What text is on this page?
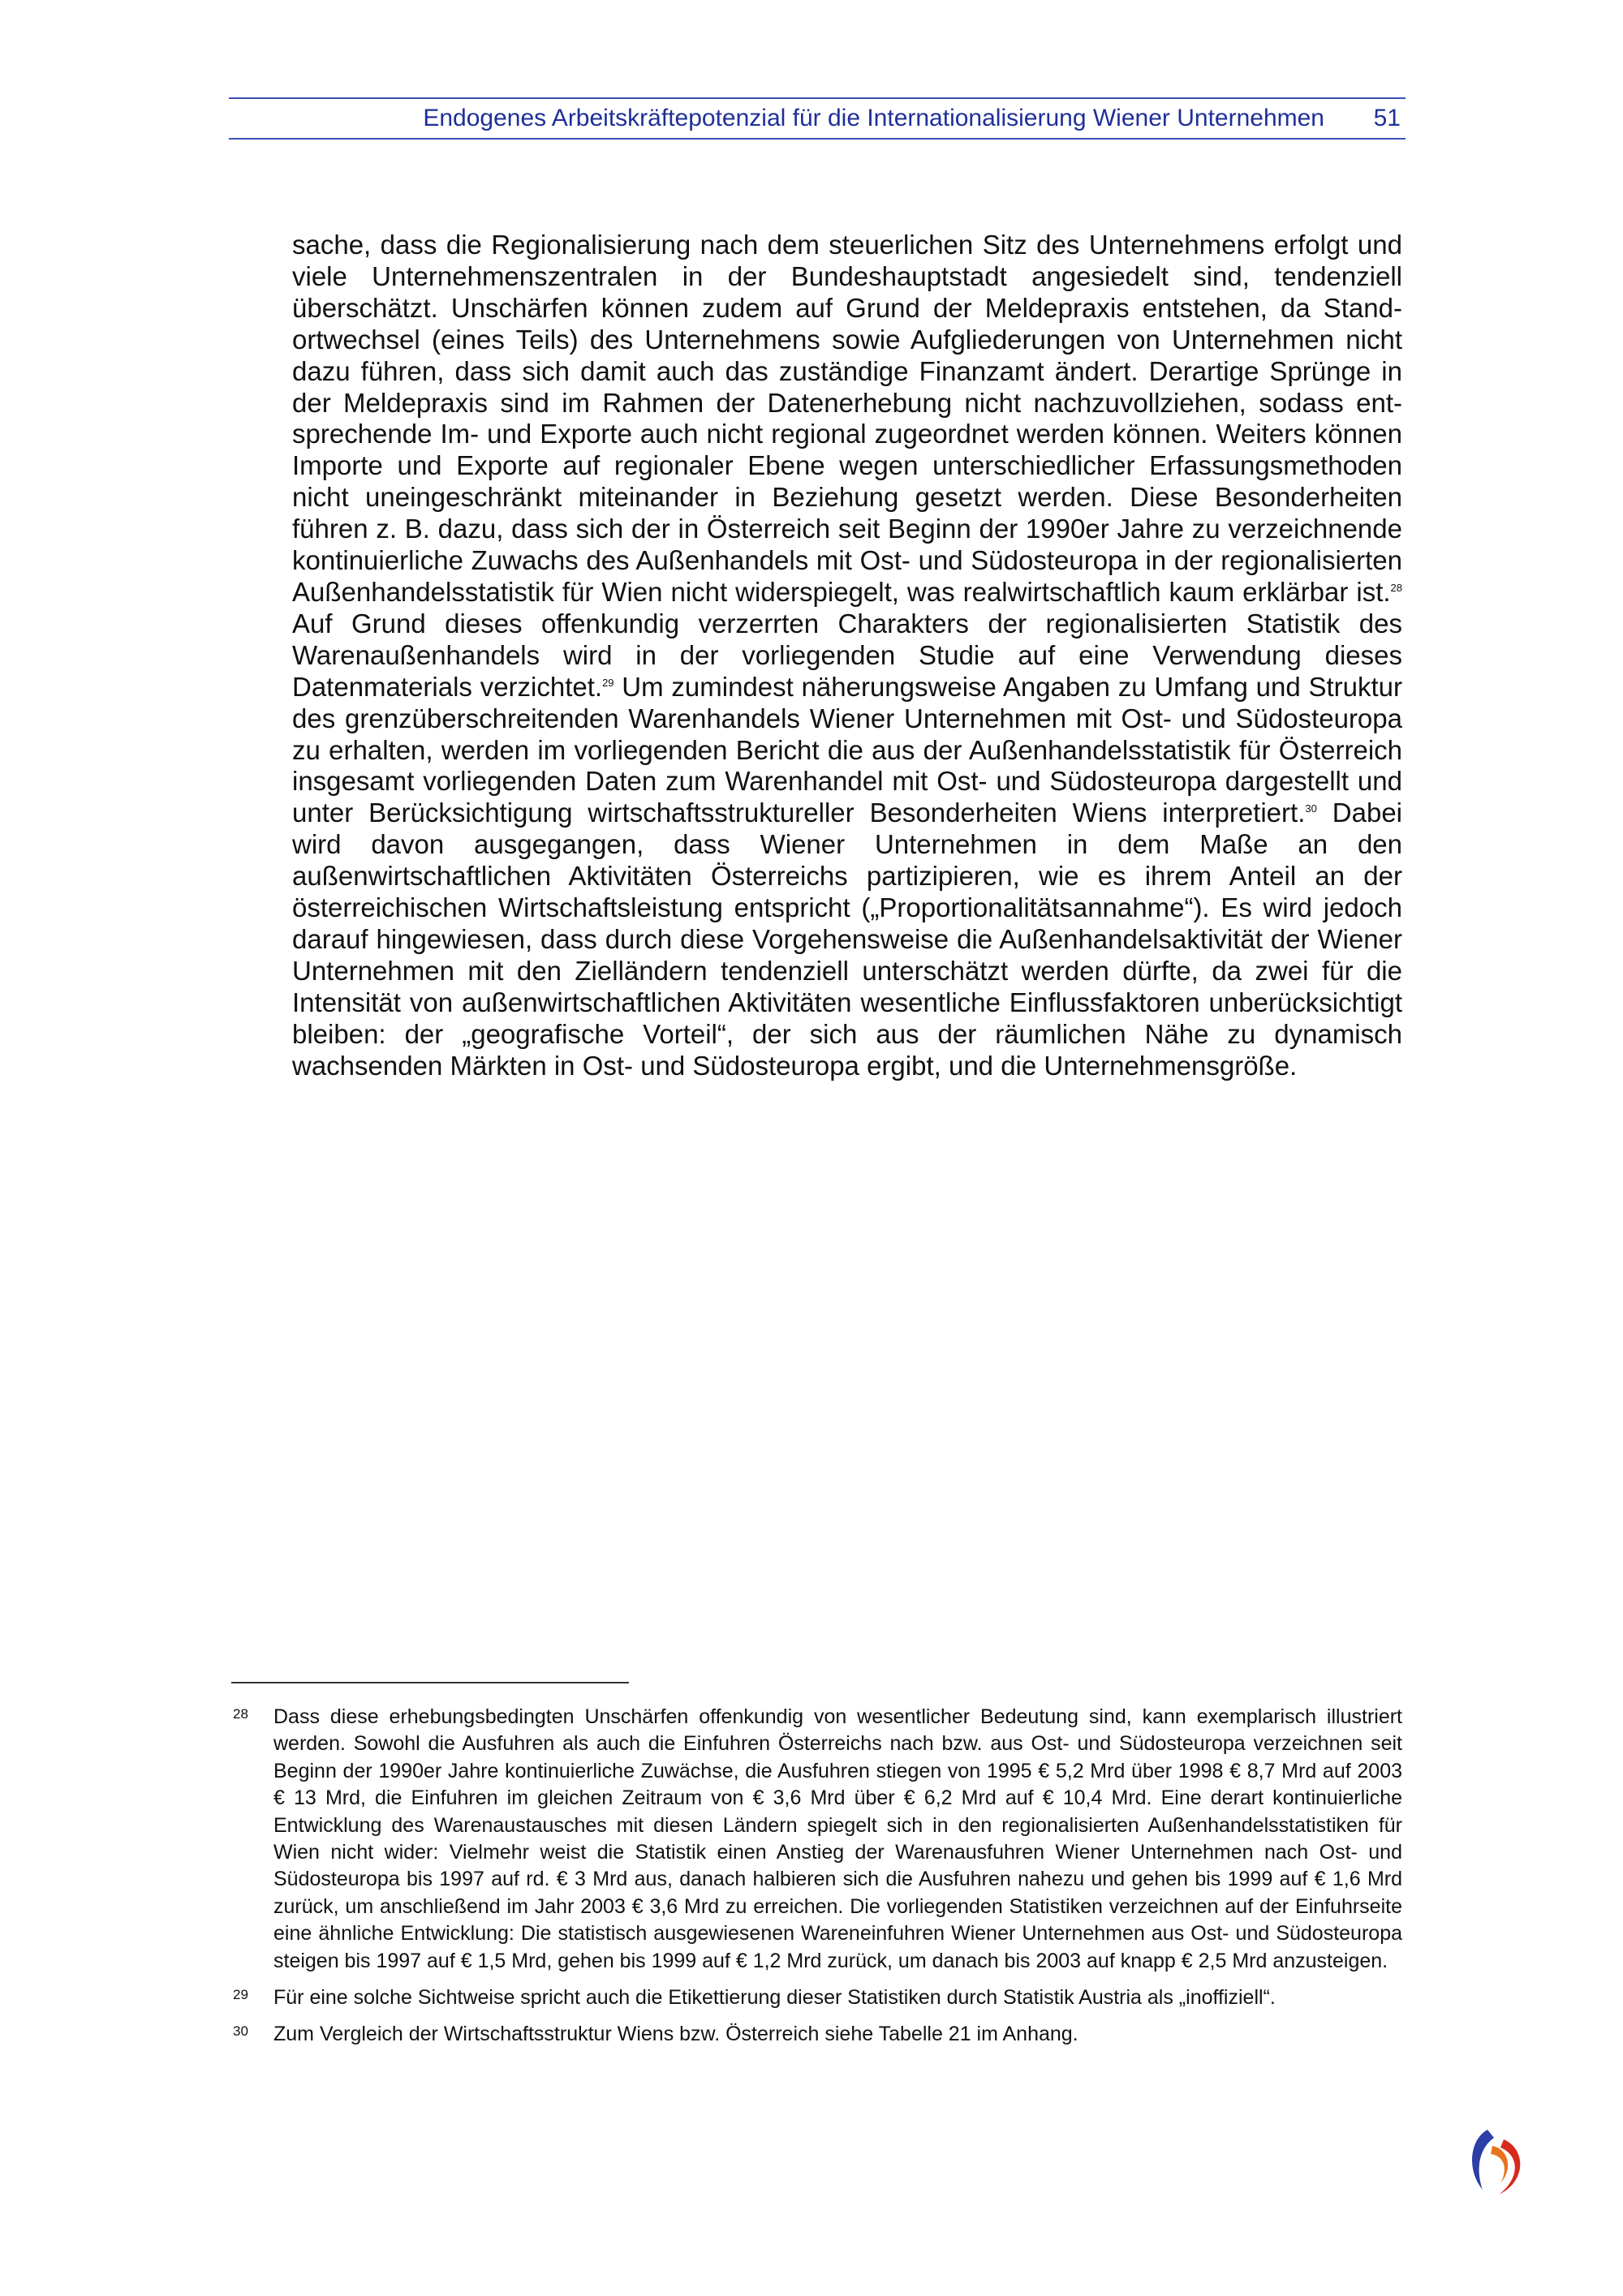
Endogenes Arbeitskräftepotenzial für die Internationalisierung Wiener Unternehmen 51

sache, dass die Regionalisierung nach dem steuerlichen Sitz des Unternehmens erfolgt und viele Unternehmenszentralen in der Bundeshauptstadt angesiedelt sind, tendenziell überschätzt. Unschärfen können zudem auf Grund der Meldepraxis entstehen, da Standortwechsel (eines Teils) des Unternehmens sowie Aufgliederungen von Unternehmen nicht dazu führen, dass sich damit auch das zuständige Finanzamt ändert. Derartige Sprünge in der Meldepraxis sind im Rahmen der Datenerhebung nicht nachzuvollziehen, sodass entsprechende Im- und Exporte auch nicht regional zugeordnet werden können. Weiters können Importe und Exporte auf regionaler Ebene wegen unterschiedlicher Erfassungsmethoden nicht uneingeschränkt miteinander in Beziehung gesetzt werden. Diese Besonderheiten führen z. B. dazu, dass sich der in Österreich seit Beginn der 1990er Jahre zu verzeichnende kontinuierliche Zuwachs des Außenhandels mit Ost- und Südosteuropa in der regionalisierten Außenhandelsstatistik für Wien nicht widerspiegelt, was realwirtschaftlich kaum erklärbar ist.$^{28}$ Auf Grund dieses offenkundig verzerrten Charakters der regionalisierten Statistik des Warenaußenhandels wird in der vorliegenden Studie auf eine Verwendung dieses Datenmaterials verzichtet.$^{29}$ Um zumindest näherungsweise Angaben zu Umfang und Struktur des grenzüberschreitenden Warenhandels Wiener Unternehmen mit Ost- und Südosteuropa zu erhalten, werden im vorliegenden Bericht die aus der Außenhandelsstatistik für Österreich insgesamt vorliegenden Daten zum Warenhandel mit Ost- und Südosteuropa dargestellt und unter Berücksichtigung wirtschaftsstruktureller Besonderheiten Wiens interpretiert.$^{30}$ Dabei wird davon ausgegangen, dass Wiener Unternehmen in dem Maße an den außenwirtschaftlichen Aktivitäten Österreichs partizipieren, wie es ihrem Anteil an der österreichischen Wirtschaftsleistung entspricht („Proportionalitätsannahme“). Es wird jedoch darauf hingewiesen, dass durch diese Vorgehensweise die Außenhandelsaktivität der Wiener Unternehmen mit den Zielländern tendenziell unterschätzt werden dürfte, da zwei für die Intensität von außenwirtschaftlichen Aktivitäten wesentliche Einflussfaktoren unberücksichtigt bleiben: der „geografische Vorteil“, der sich aus der räumlichen Nähe zu dynamisch wachsenden Märkten in Ost- und Südosteuropa ergibt, und die Unternehmensgröße.

28 Dass diese erhebungsbedingten Unschärfen offenkundig von wesentlicher Bedeutung sind, kann exemplarisch illustriert werden. Sowohl die Ausfuhren als auch die Einfuhren Österreichs nach bzw. aus Ost- und Südosteuropa verzeichnen seit Beginn der 1990er Jahre kontinuierliche Zuwächse, die Ausfuhren stiegen von 1995 € 5,2 Mrd über 1998 € 8,7 Mrd auf 2003 € 13 Mrd, die Einfuhren im gleichen Zeitraum von € 3,6 Mrd über € 6,2 Mrd auf € 10,4 Mrd. Eine derart kontinuierliche Entwicklung des Warenaustausches mit diesen Ländern spiegelt sich in den regionalisierten Außenhandelsstatistiken für Wien nicht wider: Vielmehr weist die Statistik einen Anstieg der Warenausfuhren Wiener Unternehmen nach Ost- und Südosteuropa bis 1997 auf rd. € 3 Mrd aus, danach halbieren sich die Ausfuhren nahezu und gehen bis 1999 auf € 1,6 Mrd zurück, um anschließend im Jahr 2003 € 3,6 Mrd zu erreichen. Die vorliegenden Statistiken verzeichnen auf der Einfuhrseite eine ähnliche Entwicklung: Die statistisch ausgewiesenen Wareneinfuhren Wiener Unternehmen aus Ost- und Südosteuropa steigen bis 1997 auf € 1,5 Mrd, gehen bis 1999 auf € 1,2 Mrd zurück, um danach bis 2003 auf knapp € 2,5 Mrd anzusteigen.

29 Für eine solche Sichtweise spricht auch die Etikettierung dieser Statistiken durch Statistik Austria als „inoffiziell“.

30 Zum Vergleich der Wirtschaftsstruktur Wiens bzw. Österreich siehe Tabelle 21 im Anhang.
